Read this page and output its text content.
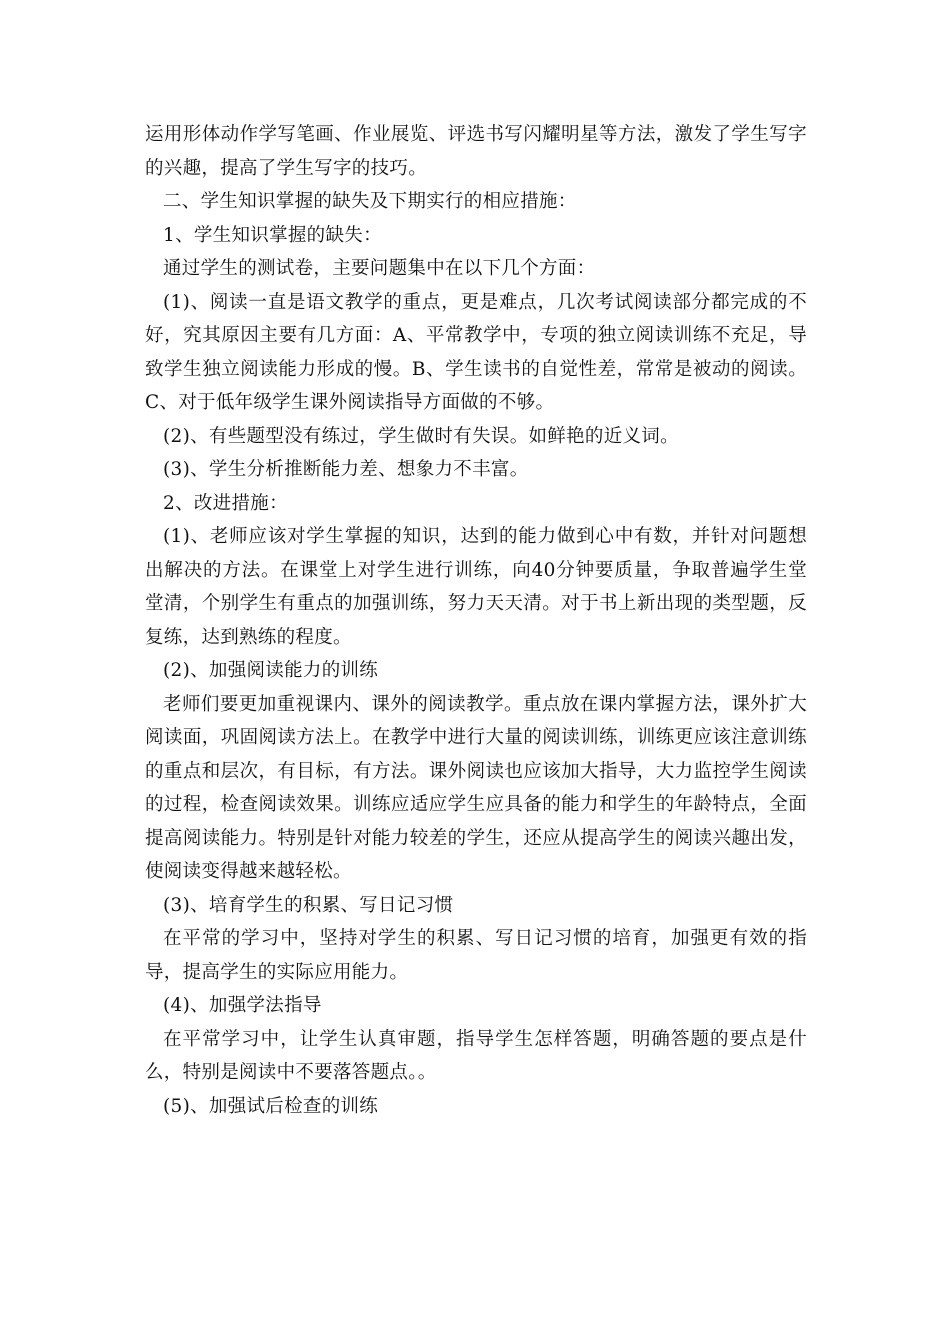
运用形体动作学写笔画、作业展览、评选书写闪耀明星等方法，激发了学生写字的兴趣，提高了学生写字的技巧。

二、学生知识掌握的缺失及下期实行的相应措施：

1、学生知识掌握的缺失：

通过学生的测试卷，主要问题集中在以下几个方面：

(1)、阅读一直是语文教学的重点，更是难点，几次考试阅读部分都完成的不好，究其原因主要有几方面：A、平常教学中，专项的独立阅读训练不充足，导致学生独立阅读能力形成的慢。B、学生读书的自觉性差，常常是被动的阅读。C、对于低年级学生课外阅读指导方面做的不够。

(2)、有些题型没有练过，学生做时有失误。如鲜艳的近义词。

(3)、学生分析推断能力差、想象力不丰富。

2、改进措施：

(1)、老师应该对学生掌握的知识，达到的能力做到心中有数，并针对问题想出解决的方法。在课堂上对学生进行训练，向40分钟要质量，争取普遍学生堂堂清，个别学生有重点的加强训练，努力天天清。对于书上新出现的类型题，反复练，达到熟练的程度。

(2)、加强阅读能力的训练

老师们要更加重视课内、课外的阅读教学。重点放在课内掌握方法，课外扩大阅读面，巩固阅读方法上。在教学中进行大量的阅读训练，训练更应该注意训练的重点和层次，有目标，有方法。课外阅读也应该加大指导，大力监控学生阅读的过程，检查阅读效果。训练应适应学生应具备的能力和学生的年龄特点，全面提高阅读能力。特别是针对能力较差的学生，还应从提高学生的阅读兴趣出发，使阅读变得越来越轻松。

(3)、培育学生的积累、写日记习惯

在平常的学习中，坚持对学生的积累、写日记习惯的培育，加强更有效的指导，提高学生的实际应用能力。

(4)、加强学法指导

在平常学习中，让学生认真审题，指导学生怎样答题，明确答题的要点是什么，特别是阅读中不要落答题点。。

(5)、加强试后检查的训练
